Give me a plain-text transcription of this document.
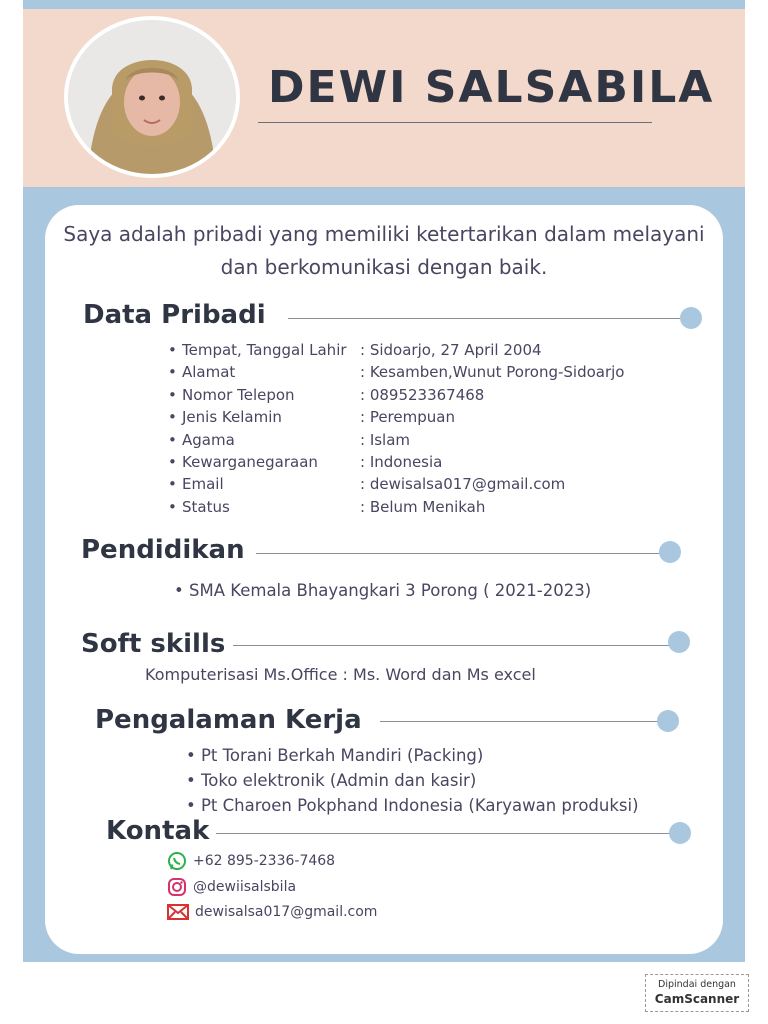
DEWI SALSABILA
Saya adalah pribadi yang memiliki ketertarikan dalam melayani dan berkomunikasi dengan baik.
Data Pribadi
• Tempat, Tanggal Lahir : Sidoarjo, 27 April 2004
• Alamat	: Kesamben,Wunut Porong-Sidoarjo
• Nomor Telepon	: 089523367468
• Jenis Kelamin	: Perempuan
• Agama	: Islam
• Kewarganegaraan	: Indonesia
• Email	: dewisalsa017@gmail.com
• Status	: Belum Menikah
Pendidikan
• SMA Kemala Bhayangkari 3 Porong ( 2021-2023)
Soft skills
Komputerisasi Ms.Office : Ms. Word dan Ms excel
Pengalaman Kerja
• Pt Torani Berkah Mandiri (Packing)
• Toko elektronik (Admin dan kasir)
• Pt Charoen Pokphand Indonesia (Karyawan produksi)
Kontak
+62 895-2336-7468
@dewiisalsbila
dewisalsa017@gmail.com
Dipindai dengan
CamScanner
